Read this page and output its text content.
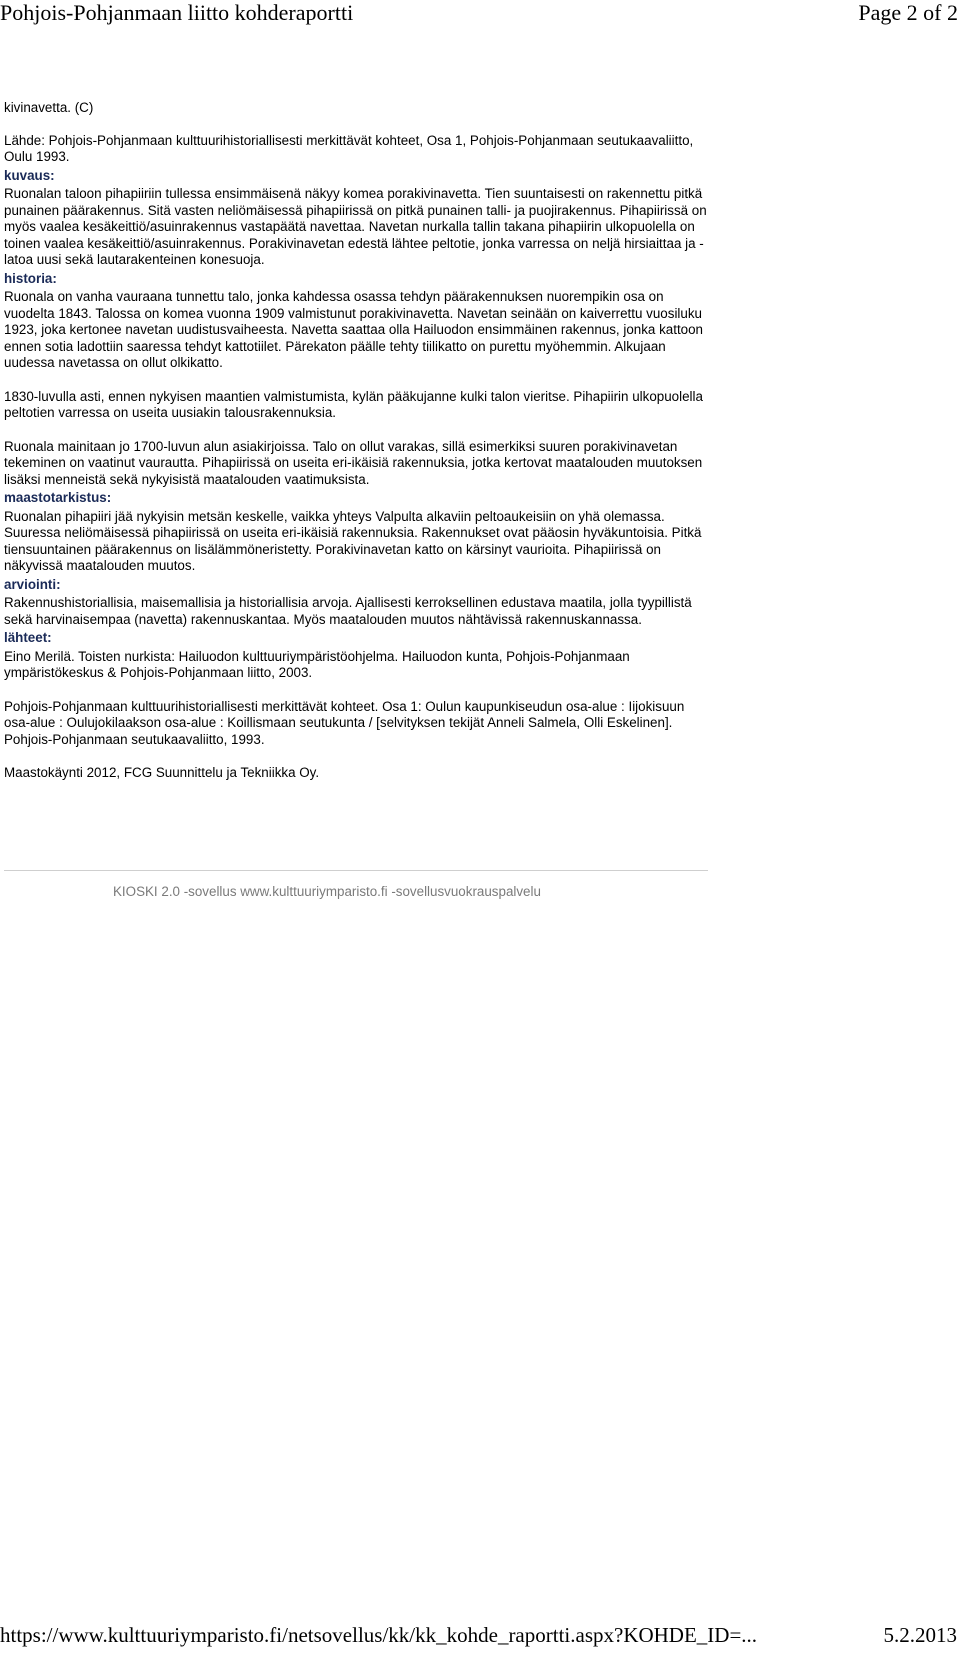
Pohjois-Pohjanmaan liitto kohderaportti	Page 2 of 2

kivinavetta. (C)

Lähde: Pohjois-Pohjanmaan kulttuurihistoriallisesti merkittävät kohteet, Osa 1, Pohjois-Pohjanmaan seutukaavaliitto, Oulu 1993.

kuvaus:

Ruonalan taloon pihapiiriin tullessa ensimmäisenä näkyy komea porakivinavetta. Tien suuntaisesti on rakennettu pitkä punainen päärakennus. Sitä vasten neliömäisessä pihapiirissä on pitkä punainen talli- ja puojirakennus. Pihapiirissä on myös vaalea kesäkeittiö/asuinrakennus vastapäätä navettaa. Navetan nurkalla tallin takana pihapiirin ulkopuolella on toinen vaalea kesäkeittiö/asuinrakennus. Porakivinavetan edestä lähtee peltotie, jonka varressa on neljä hirsiaittaa ja -latoa uusi sekä lautarakenteinen konesuoja.

historia:

Ruonala on vanha vauraana tunnettu talo, jonka kahdessa osassa tehdyn päärakennuksen nuorempikin osa on vuodelta 1843. Talossa on komea vuonna 1909 valmistunut porakivinavetta. Navetan seinään on kaiverrettu vuosiluku 1923, joka kertonee navetan uudistusvaiheesta. Navetta saattaa olla Hailuodon ensimmäinen rakennus, jonka kattoon ennen sotia ladottiin saaressa tehdyt kattotiilet. Pärekaton päälle tehty tiilikatto on purettu myöhemmin. Alkujaan uudessa navetassa on ollut olkikatto.

1830-luvulla asti, ennen nykyisen maantien valmistumista, kylän pääkujanne kulki talon vieritse. Pihapiirin ulkopuolella peltotien varressa on useita uusiakin talousrakennuksia.

Ruonala mainitaan jo 1700-luvun alun asiakirjoissa. Talo on ollut varakas, sillä esimerkiksi suuren porakivinavetan tekeminen on vaatinut vaurautta. Pihapiirissä on useita eri-ikäisiä rakennuksia, jotka kertovat maatalouden muutoksen lisäksi menneistä sekä nykyisistä maatalouden vaatimuksista.

maastotarkistus:

Ruonalan pihapiiri jää nykyisin metsän keskelle, vaikka yhteys Valpulta alkaviin peltoaukeisiin on yhä olemassa. Suuressa neliömäisessä pihapiirissä on useita eri-ikäisiä rakennuksia. Rakennukset ovat pääosin hyväkuntoisia. Pitkä tiensuuntainen päärakennus on lisälämmöneristetty. Porakivinavetan katto on kärsinyt vaurioita. Pihapiirissä on näkyvissä maatalouden muutos.

arviointi:

Rakennushistoriallisia, maisemallisia ja historiallisia arvoja. Ajallisesti kerroksellinen edustava maatila, jolla tyypillistä sekä harvinaisempaa (navetta) rakennuskantaa. Myös maatalouden muutos nähtävissä rakennuskannassa.

lähteet:

Eino Merilä. Toisten nurkista: Hailuodon kulttuuriympäristöohjelma. Hailuodon kunta, Pohjois-Pohjanmaan ympäristökeskus & Pohjois-Pohjanmaan liitto, 2003.

Pohjois-Pohjanmaan kulttuurihistoriallisesti merkittävät kohteet. Osa 1: Oulun kaupunkiseudun osa-alue : Iijokisuun osa-alue : Oulujokilaakson osa-alue : Koillismaan seutukunta / [selvityksen tekijät Anneli Salmela, Olli Eskelinen]. Pohjois-Pohjanmaan seutukaavaliitto, 1993.

Maastokäynti 2012, FCG Suunnittelu ja Tekniikka Oy.

KIOSKI 2.0 -sovellus www.kulttuuriymparisto.fi -sovellusvuokrauspalvelu
https://www.kulttuuriymparisto.fi/netsovellus/kk/kk_kohde_raportti.aspx?KOHDE_ID=...	5.2.2013
